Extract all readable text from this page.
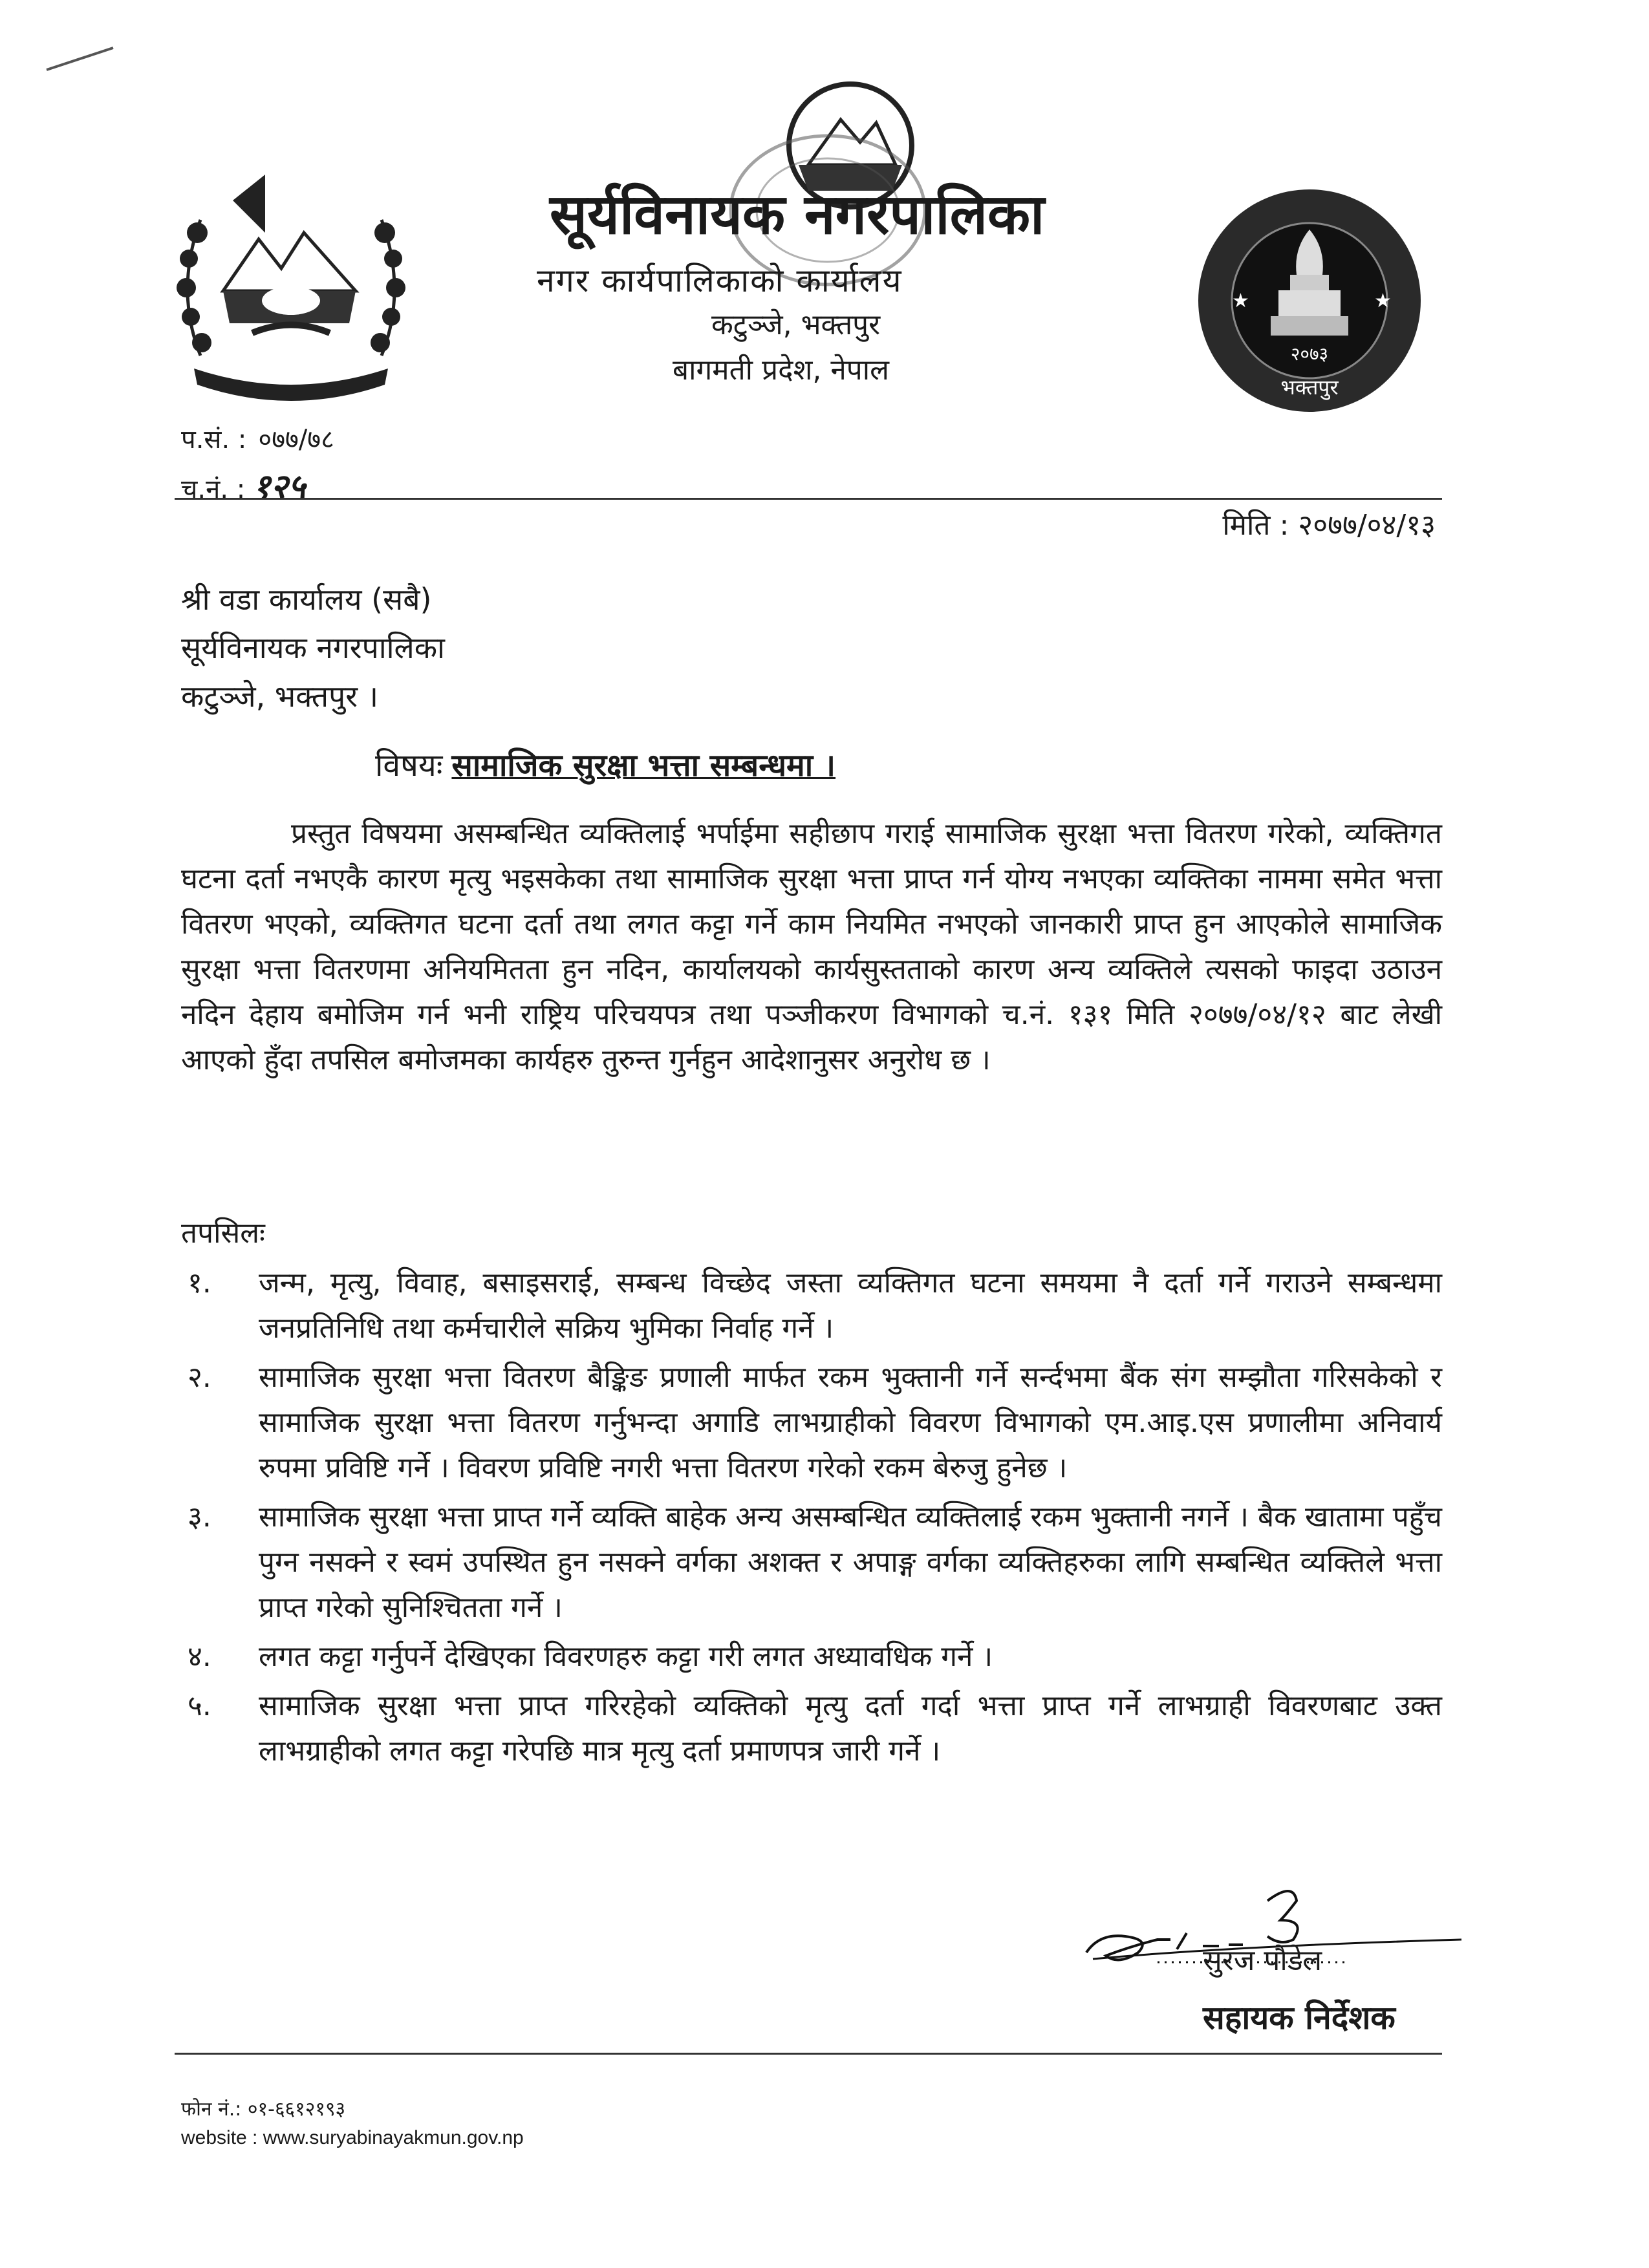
★	★
२०७३
भक्तपुर
सूर्यविनायक नगरपालिका
नगर कार्यपालिकाको कार्यालय
कटुञ्जे, भक्तपुर
बागमती प्रदेश, नेपाल
प.सं. : ०७७/७८
च.नं. : १२५
मिति : २०७७/०४/१३
श्री वडा कार्यालय (सबै)
सूर्यविनायक नगरपालिका
कटुञ्जे, भक्तपुर ।
विषयः सामाजिक सुरक्षा भत्ता सम्बन्धमा ।
प्रस्तुत विषयमा असम्बन्धित व्यक्तिलाई भर्पाईमा सहीछाप गराई सामाजिक सुरक्षा भत्ता वितरण गरेको, व्यक्तिगत घटना दर्ता नभएकै कारण मृत्यु भइसकेका तथा सामाजिक सुरक्षा भत्ता प्राप्त गर्न योग्य नभएका व्यक्तिका नाममा समेत भत्ता वितरण भएको, व्यक्तिगत घटना दर्ता तथा लगत कट्टा गर्ने काम नियमित नभएको जानकारी प्राप्त हुन आएकोले सामाजिक सुरक्षा भत्ता वितरणमा अनियमितता हुन नदिन, कार्यालयको कार्यसुस्तताको कारण अन्य व्यक्तिले त्यसको फाइदा उठाउन नदिन देहाय बमोजिम गर्न भनी राष्ट्रिय परिचयपत्र तथा पञ्जीकरण विभागको च.नं. १३१ मिति २०७७/०४/१२ बाट लेखी आएको हुँदा तपसिल बमोजमका कार्यहरु तुरुन्त गुर्नहुन आदेशानुसर अनुरोध छ ।
तपसिलः
१.	जन्म, मृत्यु, विवाह, बसाइसराई, सम्बन्ध विच्छेद जस्ता व्यक्तिगत घटना समयमा नै दर्ता गर्ने गराउने सम्बन्धमा जनप्रतिनिधि तथा कर्मचारीले सक्रिय भुमिका निर्वाह गर्ने ।
२.	सामाजिक सुरक्षा भत्ता वितरण बैङ्किङ प्रणाली मार्फत रकम भुक्तानी गर्ने सर्न्दभमा बैंक संग सम्झौता गरिसकेको र सामाजिक सुरक्षा भत्ता वितरण गर्नुभन्दा अगाडि लाभग्राहीको विवरण विभागको एम.आइ.एस प्रणालीमा अनिवार्य रुपमा प्रविष्टि गर्ने । विवरण प्रविष्टि नगरी भत्ता वितरण गरेको रकम बेरुजु हुनेछ ।
३.	सामाजिक सुरक्षा भत्ता प्राप्त गर्ने व्यक्ति बाहेक अन्य असम्बन्धित व्यक्तिलाई रकम भुक्तानी नगर्ने । बैक खातामा पहुँच पुग्न नसक्ने र स्वमं उपस्थित हुन नसक्ने वर्गका अशक्त र अपाङ्ग वर्गका व्यक्तिहरुका लागि सम्बन्धित व्यक्तिले भत्ता प्राप्त गरेको सुनिश्चितता गर्ने ।
४.	लगत कट्टा गर्नुपर्ने देखिएका विवरणहरु कट्टा गरी लगत अध्यावधिक गर्ने ।
५.	सामाजिक सुरक्षा भत्ता प्राप्त गरिरहेको व्यक्तिको मृत्यु दर्ता गर्दा भत्ता प्राप्त गर्ने लाभग्राही विवरणबाट उक्त लाभग्राहीको लगत कट्टा गरेपछि मात्र मृत्यु दर्ता प्रमाणपत्र जारी गर्ने ।
सुरज पौडेल
सहायक निर्देशक
फोन नं.: ०१-६६१२१९३
website : www.suryabinayakmun.gov.np
